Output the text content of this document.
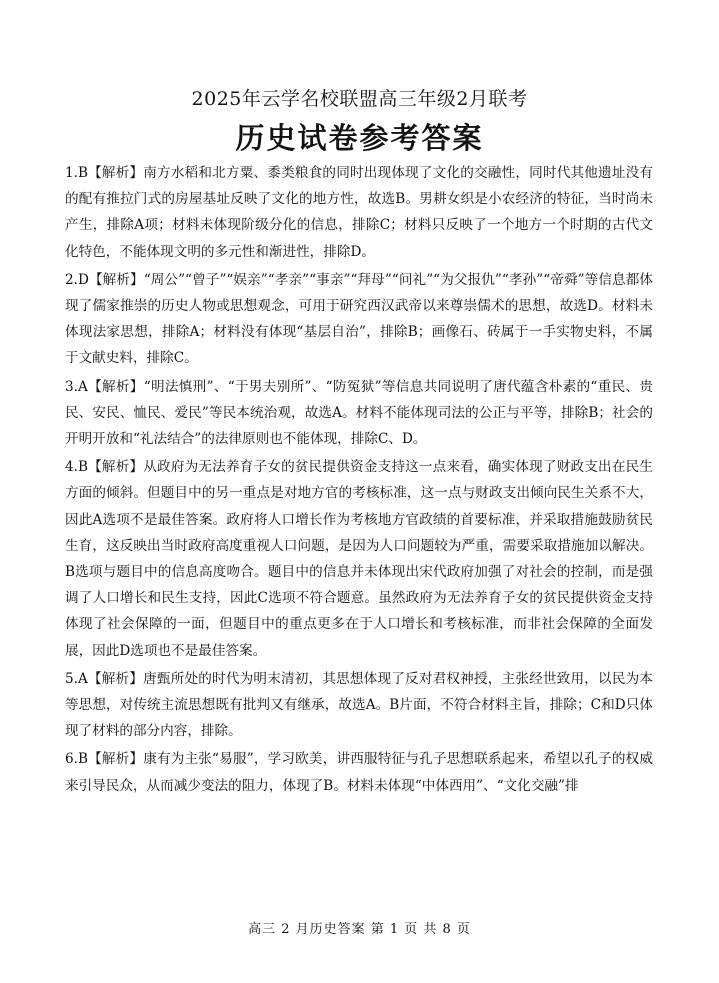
2025年云学名校联盟高三年级2月联考
历史试卷参考答案

1.B【解析】南方水稻和北方粟、黍类粮食的同时出现体现了文化的交融性，同时代其他遗址没有的配有推拉门式的房屋基址反映了文化的地方性，故选B。男耕女织是小农经济的特征，当时尚未产生，排除A项；材料未体现阶级分化的信息，排除C；材料只反映了一个地方一个时期的古代文化特色，不能体现文明的多元性和渐进性，排除D。

2.D【解析】“周公”“曾子”“娱亲”“孝亲”“事亲”“拜母”“问礼”“为父报仇”“孝孙”“帝舜”等信息都体现了儒家推崇的历史人物或思想观念，可用于研究西汉武帝以来尊崇儒术的思想，故选D。材料未体现法家思想，排除A；材料没有体现“基层自治”，排除B；画像石、砖属于一手实物史料，不属于文献史料，排除C。

3.A【解析】“明法慎刑”、“于男夫别所”、“防冤狱”等信息共同说明了唐代蕴含朴素的“重民、贵民、安民、恤民、爱民”等民本统治观，故选A。材料不能体现司法的公正与平等，排除B；社会的开明开放和“礼法结合”的法律原则也不能体现，排除C、D。

4.B【解析】从政府为无法养育子女的贫民提供资金支持这一点来看，确实体现了财政支出在民生方面的倾斜。但题目中的另一重点是对地方官的考核标准，这一点与财政支出倾向民生关系不大，因此A选项不是最佳答案。政府将人口增长作为考核地方官政绩的首要标准，并采取措施鼓励贫民生育，这反映出当时政府高度重视人口问题，是因为人口问题较为严重，需要采取措施加以解决。B选项与题目中的信息高度吻合。题目中的信息并未体现出宋代政府加强了对社会的控制，而是强调了人口增长和民生支持，因此C选项不符合题意。虽然政府为无法养育子女的贫民提供资金支持体现了社会保障的一面，但题目中的重点更多在于人口增长和考核标准，而非社会保障的全面发展，因此D选项也不是最佳答案。

5.A【解析】唐甄所处的时代为明末清初，其思想体现了反对君权神授，主张经世致用，以民为本等思想，对传统主流思想既有批判又有继承，故选A。B片面，不符合材料主旨，排除；C和D只体现了材料的部分内容，排除。

6.B【解析】康有为主张“易服”，学习欧美，讲西服特征与孔子思想联系起来，希望以孔子的权威来引导民众，从而减少变法的阻力，体现了B。材料未体现“中体西用”、“文化交融”排

高三 2 月历史答案 第 1 页 共 8 页
